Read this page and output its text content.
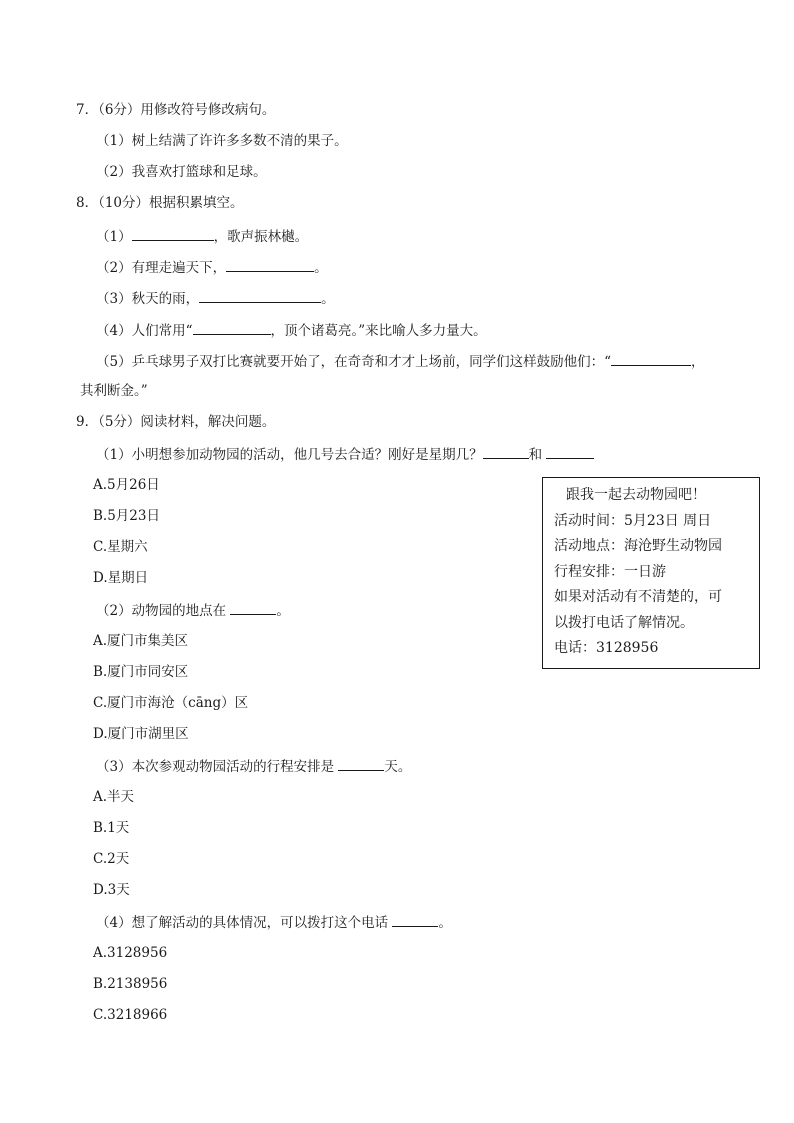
7．（6分）用修改符号修改病句。
（1）树上结满了许许多多数不清的果子。
（2）我喜欢打篮球和足球。
8．（10分）根据积累填空。
（1）	，歌声振林樾。
（2）有理走遍天下，	。
（3）秋天的雨，	。
（4）人们常用“	，顶个诸葛亮。”来比喻人多力量大。
（5）乒乓球男子双打比赛就要开始了，在奇奇和才才上场前，同学们这样鼓励他们：“	，
其利断金。”
9．（5分）阅读材料，解决问题。
（1）小明想参加动物园的活动，他几号去合适？刚好是星期几？	和
A.5月26日
B.5月23日
C.星期六
D.星期日
（2）动物园的地点在	。
A.厦门市集美区
B.厦门市同安区
C.厦门市海沧（cāng）区
D.厦门市湖里区
（3）本次参观动物园活动的行程安排是	天。
A.半天
B.1天
C.2天
D.3天
（4）想了解活动的具体情况，可以拨打这个电话	。
A.3128956
B.2138956
C.3218966
跟我一起去动物园吧！
活动时间：5月23日 周日
活动地点：海沧野生动物园
行程安排：一日游
如果对活动有不清楚的，可
以拨打电话了解情况。
电话：3128956
